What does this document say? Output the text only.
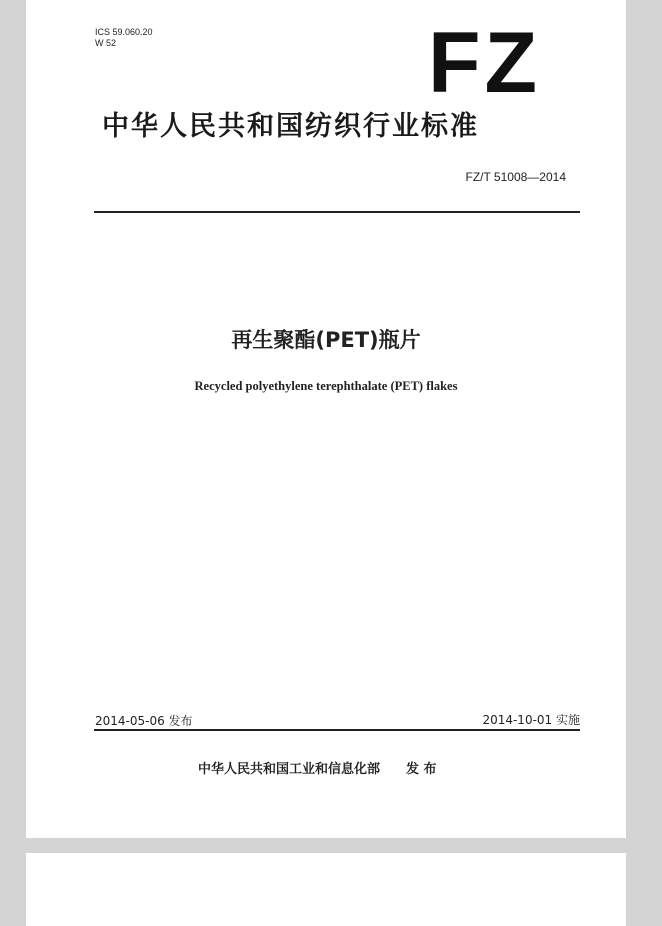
ICS 59.060.20
W 52	FZ
中华人民共和国纺织行业标准
FZ/T 51008—2014
再生聚酯(PET)瓶片
Recycled polyethylene terephthalate (PET) flakes
2014-05-06 发布	2014-10-01 实施
中华人民共和国工业和信息化部 发 布
